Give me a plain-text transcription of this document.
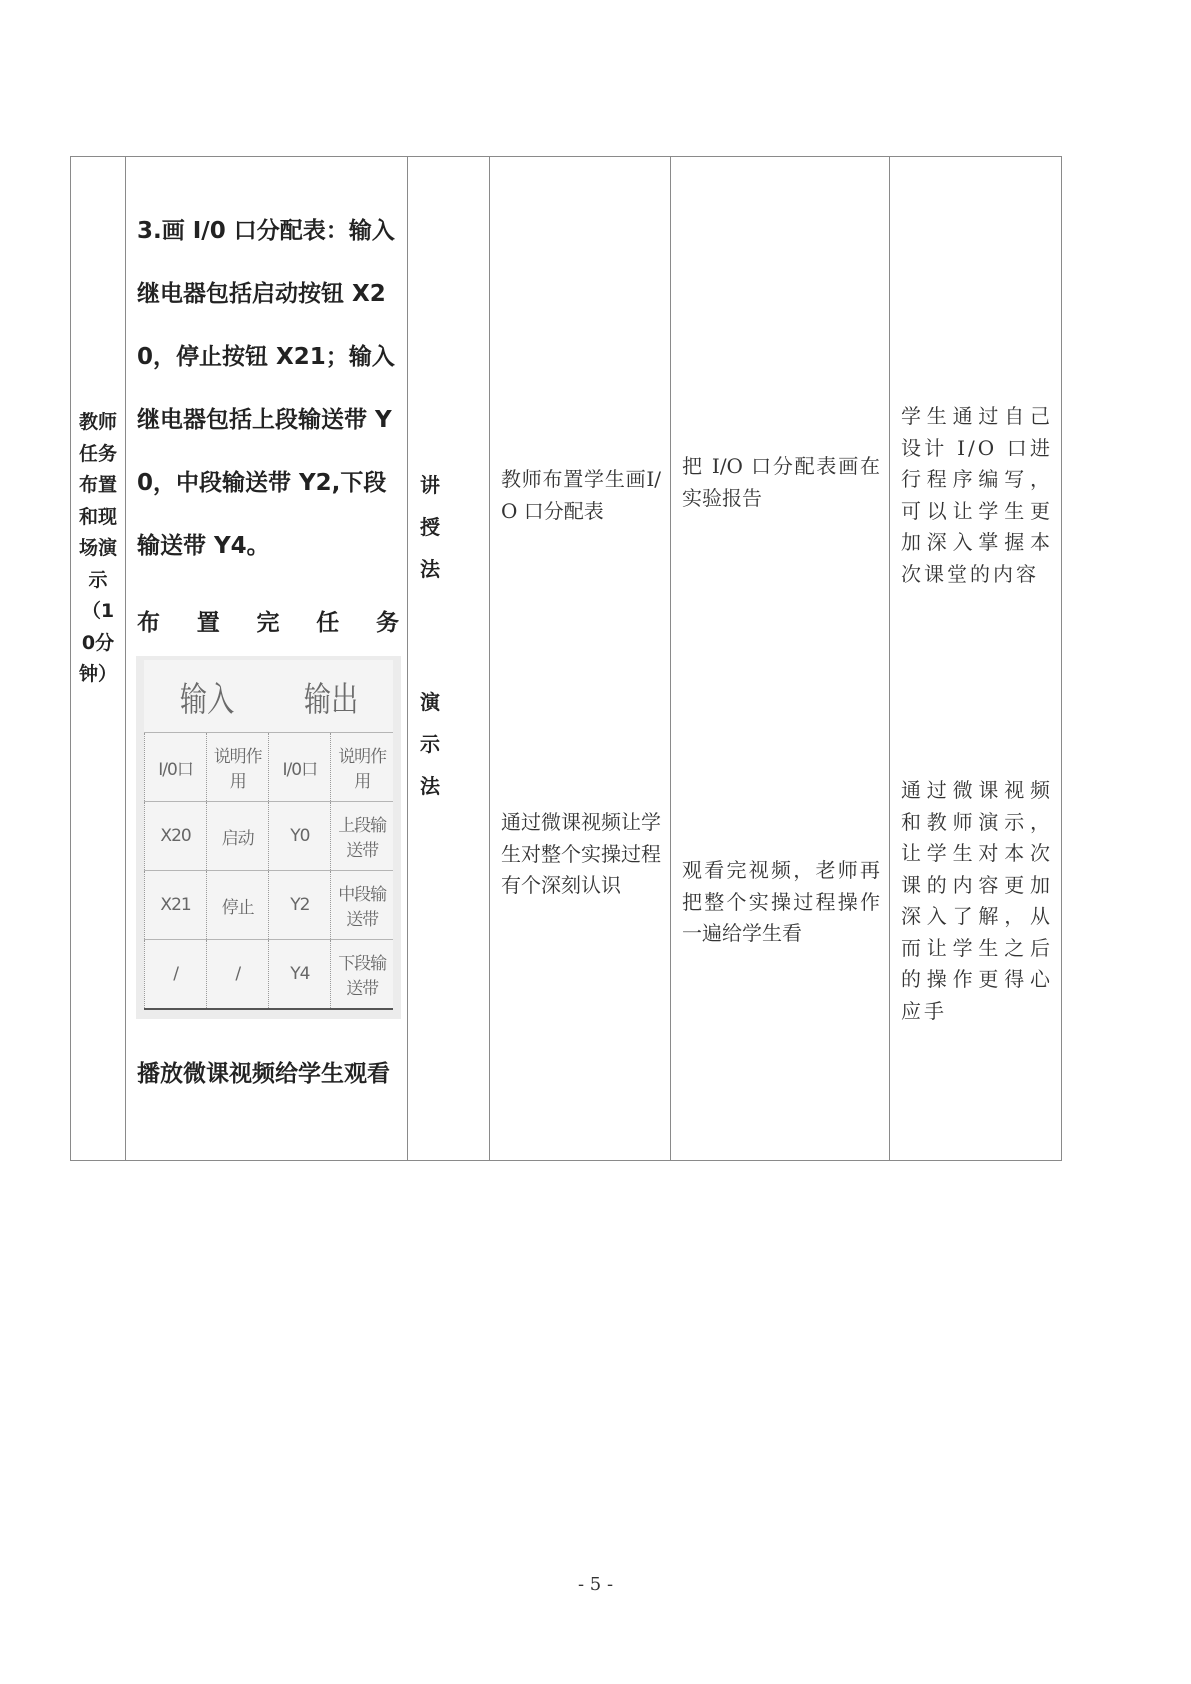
教师任务布置和现场演示（10分钟）

3.画 I/0 口分配表：输入继电器包括启动按钮 X20，停止按钮 X21；输入继电器包括上段输送带 Y0，中段输送带 Y2,下段输送带 Y4。
布 置 完 任 务
输入	输出
I/0口	说明作用	I/0口	说明作用
X20	启动	Y0	上段输送带
X21	停止	Y2	中段输送带
/	/	Y4	下段输送带
播放微课视频给学生观看

讲授法
演示法

教师布置学生画I/O 口分配表
通过微课视频让学生对整个实操过程有个深刻认识

把 I/O 口分配表画在实验报告
观看完视频，老师再把整个实操过程操作一遍给学生看

学生通过自己设计 I/O 口进行程序编写，可以让学生更加深入掌握本次课堂的内容
通过微课视频和教师演示，让学生对本次课的内容更加深入了解，从而让学生之后的操作更得心应手
- 5 -
